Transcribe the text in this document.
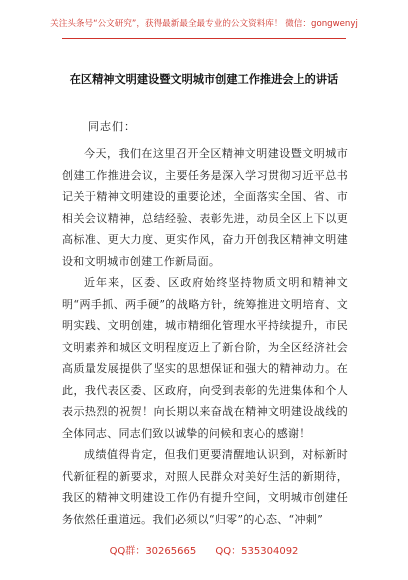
关注头条号“公文研究”，获得最新最全最专业的公文资料库！ 微信：gongwenyj
在区精神文明建设暨文明城市创建工作推进会上的讲话
同志们：

今天，我们在这里召开全区精神文明建设暨文明城市创建工作推进会议，主要任务是深入学习贯彻习近平总书记关于精神文明建设的重要论述，全面落实全国、省、市相关会议精神，总结经验、表彰先进，动员全区上下以更高标准、更大力度、更实作风，奋力开创我区精神文明建设和文明城市创建工作新局面。

近年来，区委、区政府始终坚持物质文明和精神文明“两手抓、两手硬”的战略方针，统筹推进文明培育、文明实践、文明创建，城市精细化管理水平持续提升，市民文明素养和城区文明程度迈上了新台阶，为全区经济社会高质量发展提供了坚实的思想保证和强大的精神动力。在此，我代表区委、区政府，向受到表彰的先进集体和个人表示热烈的祝贺！向长期以来奋战在精神文明建设战线的全体同志、同志们致以诚挚的问候和衷心的感谢！

成绩值得肯定，但我们更要清醒地认识到，对标新时代新征程的新要求，对照人民群众对美好生活的新期待，我区的精神文明建设工作仍有提升空间，文明城市创建任务依然任重道远。我们必须以“归零”的心态、“冲刺”

QQ群：30265665 QQ：535304092
